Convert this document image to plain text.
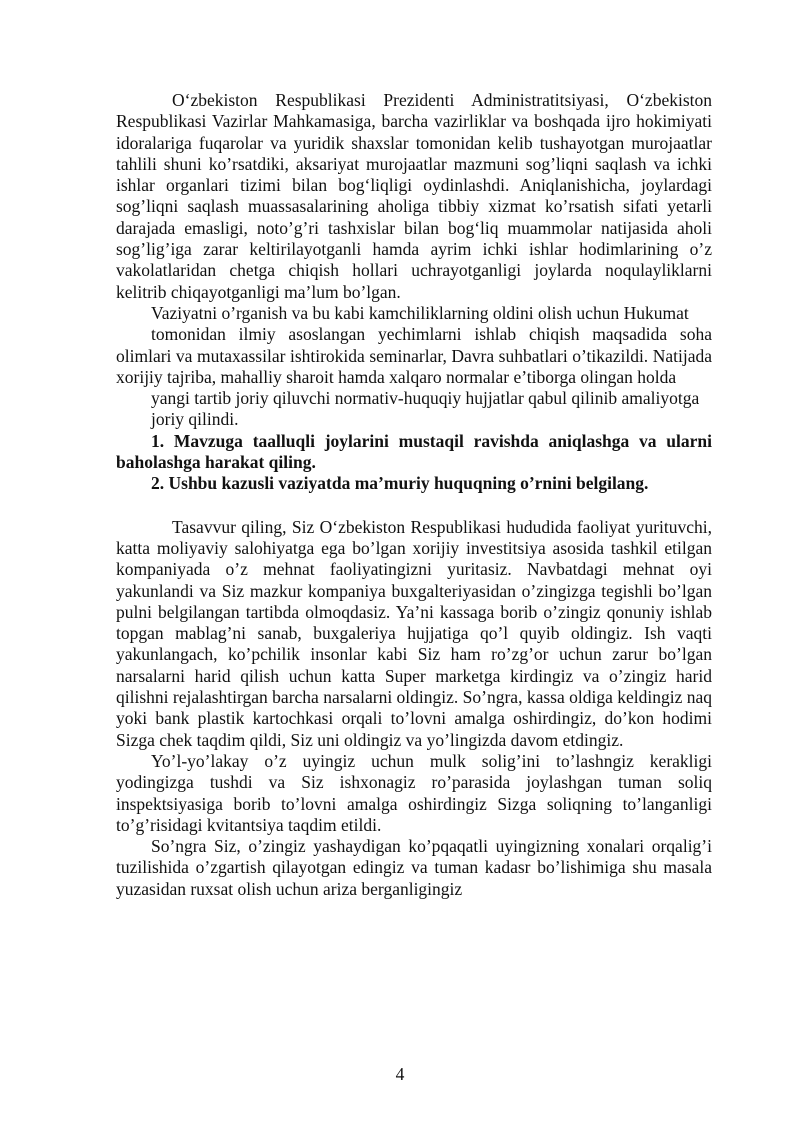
O‘zbekiston Respublikasi Prezidenti Administratitsiyasi, O‘zbekiston Respublikasi Vazirlar Mahkamasiga, barcha vazirliklar va boshqada ijro hokimiyati idoralariga fuqarolar va yuridik shaxslar tomonidan kelib tushayotgan murojaatlar tahlili shuni ko’rsatdiki, aksariyat murojaatlar mazmuni sog’liqni saqlash va ichki ishlar organlari tizimi bilan bog‘liqligi oydinlashdi. Aniqlanishicha, joylardagi sog’liqni saqlash muassasalarining aholiga tibbiy xizmat ko’rsatish sifati yetarli darajada emasligi, noto’g’ri tashxislar bilan bog‘liq muammolar natijasida aholi sog’lig’iga zarar keltirilayotganli hamda ayrim ichki ishlar hodimlarining o’z vakolatlaridan chetga chiqish hollari uchrayotganligi joylarda noqulayliklarni kelitrib chiqayotganligi ma’lum bo’lgan.

Vaziyatni o’rganish va bu kabi kamchiliklarning oldini olish uchun Hukumat

tomonidan ilmiy asoslangan yechimlarni ishlab chiqish maqsadida soha olimlari va mutaxassilar ishtirokida seminarlar, Davra suhbatlari o’tikazildi. Natijada xorijiy tajriba, mahalliy sharoit hamda xalqaro normalar e’tiborga olingan holda

yangi tartib joriy qiluvchi normativ-huquqiy hujjatlar qabul qilinib amaliyotga

joriy qilindi.

1. Mavzuga taalluqli joylarini mustaqil ravishda aniqlashga va ularni baholashga harakat qiling.

2. Ushbu kazusli vaziyatda ma’muriy huquqning o’rnini belgilang.

Tasavvur qiling, Siz O‘zbekiston Respublikasi hududida faoliyat yurituvchi, katta moliyaviy salohiyatga ega bo’lgan xorijiy investitsiya asosida tashkil etilgan kompaniyada o’z mehnat faoliyatingizni yuritasiz. Navbatdagi mehnat oyi yakunlandi va Siz mazkur kompaniya buxgalteriyasidan o’zingizga tegishli bo’lgan pulni belgilangan tartibda olmoqdasiz. Ya’ni kassaga borib o’zingiz qonuniy ishlab topgan mablag’ni sanab, buxgaleriya hujjatiga qo’l quyib oldingiz. Ish vaqti yakunlangach, ko’pchilik insonlar kabi Siz ham ro’zg’or uchun zarur bo’lgan narsalarni harid qilish uchun katta Super marketga kirdingiz va o’zingiz harid qilishni rejalashtirgan barcha narsalarni oldingiz. So’ngra, kassa oldiga keldingiz naq yoki bank plastik kartochkasi orqali to’lovni amalga oshirdingiz, do’kon hodimi Sizga chek taqdim qildi, Siz uni oldingiz va yo’lingizda davom etdingiz.

Yo’l-yo’lakay o’z uyingiz uchun mulk solig’ini to’lashngiz kerakligi yodingizga tushdi va Siz ishxonagiz ro’parasida joylashgan tuman soliq inspektsiyasiga borib to’lovni amalga oshirdingiz Sizga soliqning to’langanligi to’g’risidagi kvitantsiya taqdim etildi.

So’ngra Siz, o’zingiz yashaydigan ko’pqaqatli uyingizning xonalari orqalig’i tuzilishida o’zgartish qilayotgan edingiz va tuman kadasr bo’lishimiga shu masala yuzasidan ruxsat olish uchun ariza berganligingiz

4
